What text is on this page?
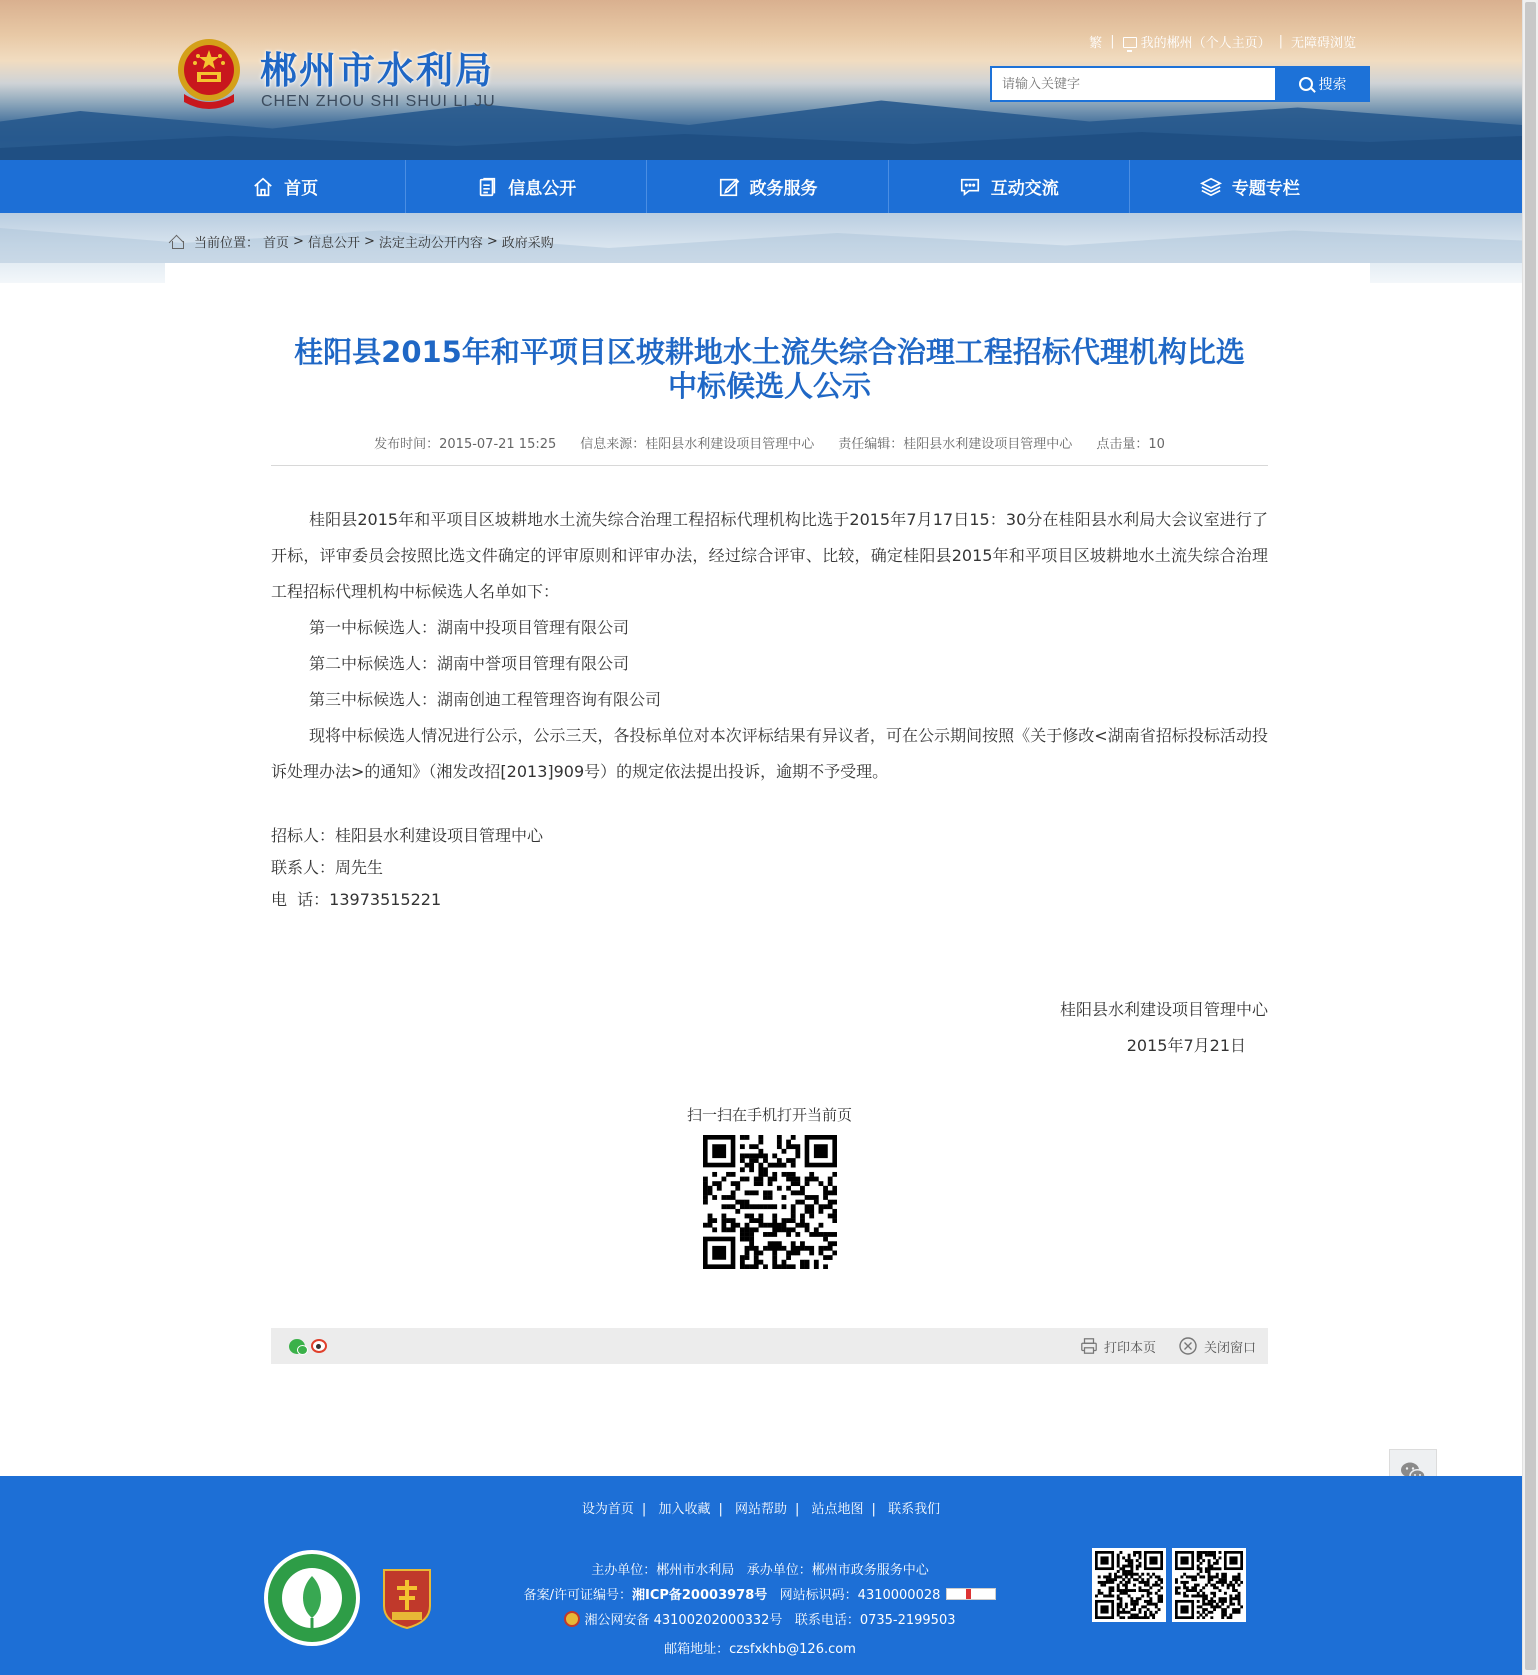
郴州市水利局
CHEN ZHOU SHI SHUI LI JU
繁 |	我的郴州（个人主页） | 无障碍浏览
请输入关键字
搜索
首页	信息公开	政务服务	互动交流	专题专栏
当前位置： 首页 > 信息公开 > 法定主动公开内容 > 政府采购
桂阳县2015年和平项目区坡耕地水土流失综合治理工程招标代理机构比选中标候选人公示
发布时间：2015-07-21 15:25 信息来源：桂阳县水利建设项目管理中心 责任编辑：桂阳县水利建设项目管理中心 点击量：10

桂阳县2015年和平项目区坡耕地水土流失综合治理工程招标代理机构比选于2015年7月17日15：30分在桂阳县水利局大会议室进行了开标，评审委员会按照比选文件确定的评审原则和评审办法，经过综合评审、比较，确定桂阳县2015年和平项目区坡耕地水土流失综合治理工程招标代理机构中标候选人名单如下：

第一中标候选人：湖南中投项目管理有限公司

第二中标候选人：湖南中誉项目管理有限公司

第三中标候选人：湖南创迪工程管理咨询有限公司

现将中标候选人情况进行公示，公示三天，各投标单位对本次评标结果有异议者，可在公示期间按照《关于修改<湖南省招标投标活动投诉处理办法>的通知》（湘发改招[2013]909号）的规定依法提出投诉，逾期不予受理。

招标人：桂阳县水利建设项目管理中心

联系人：周先生

电  话：13973515221

桂阳县水利建设项目管理中心

2015年7月21日

扫一扫在手机打开当前页
打印本页	关闭窗口
设为首页 | 加入收藏 | 网站帮助 | 站点地图 | 联系我们

主办单位：郴州市水利局   承办单位：郴州市政务服务中心

备案/许可证编号：湘ICP备20003978号 网站标识码：4310000028

湘公网安备 43100202000332号 联系电话：0735-2199503

邮箱地址：czsfxkhb@126.com
